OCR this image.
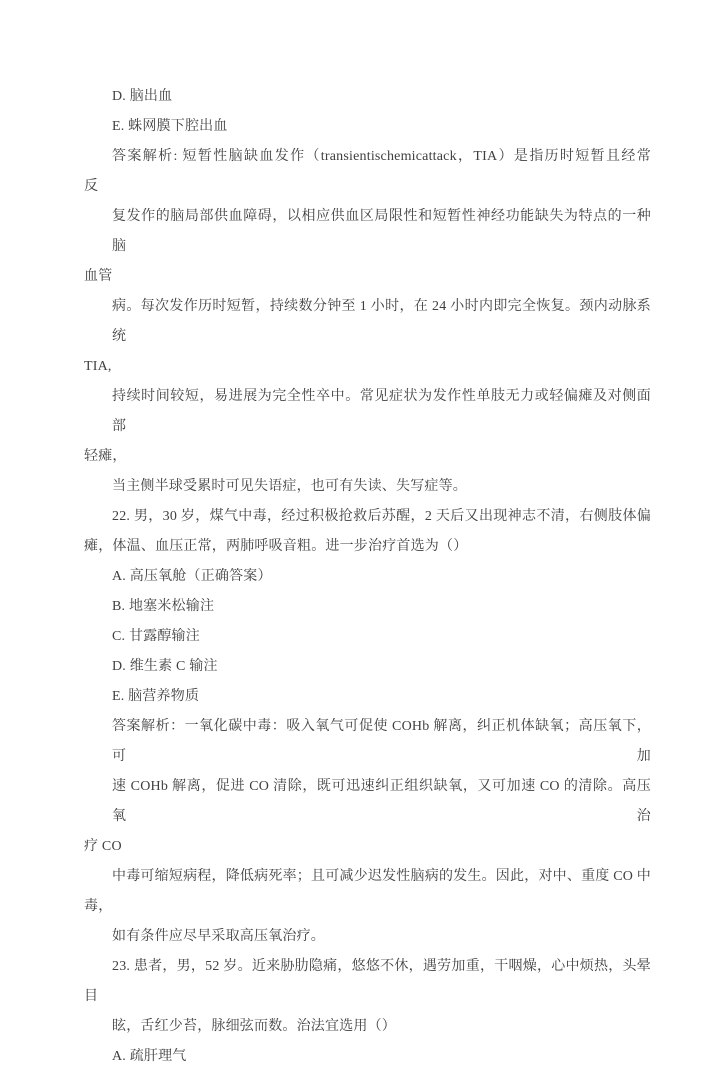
D. 脑出血

E. 蛛网膜下腔出血

答案解析: 短暂性脑缺血发作（transientischemicattack，TIA）是指历时短暂且经常

反

复发作的脑局部供血障碍，以相应供血区局限性和短暂性神经功能缺失为特点的一种脑

血管

病。每次发作历时短暂，持续数分钟至 1 小时，在 24 小时内即完全恢复。颈内动脉系统

TIA,

持续时间较短，易进展为完全性卒中。常见症状为发作性单肢无力或轻偏瘫及对侧面部

轻瘫，

当主侧半球受累时可见失语症，也可有失读、失写症等。

22. 男，30 岁，煤气中毒，经过积极抢救后苏醒，2 天后又出现神志不清，右侧肢体偏

瘫，体温、血压正常，两肺呼吸音粗。进一步治疗首选为（）

A. 高压氧舱（正确答案）

B. 地塞米松输注

C. 甘露醇输注

D. 维生素 C 输注

E. 脑营养物质

答案解析：一氧化碳中毒：吸入氧气可促使 COHb 解离，纠正机体缺氧；高压氧下，可加

速 COHb 解离，促进 CO 清除，既可迅速纠正组织缺氧，又可加速 CO 的清除。高压氧治

疗 CO

中毒可缩短病程，降低病死率；且可减少迟发性脑病的发生。因此，对中、重度 CO 中

毒，

如有条件应尽早采取高压氧治疗。

23. 患者，男，52 岁。近来胁肋隐痛，悠悠不休，遇劳加重，干咽燥，心中烦热，头晕

目

眩，舌红少苔，脉细弦而数。治法宜选用（）

A. 疏肝理气
